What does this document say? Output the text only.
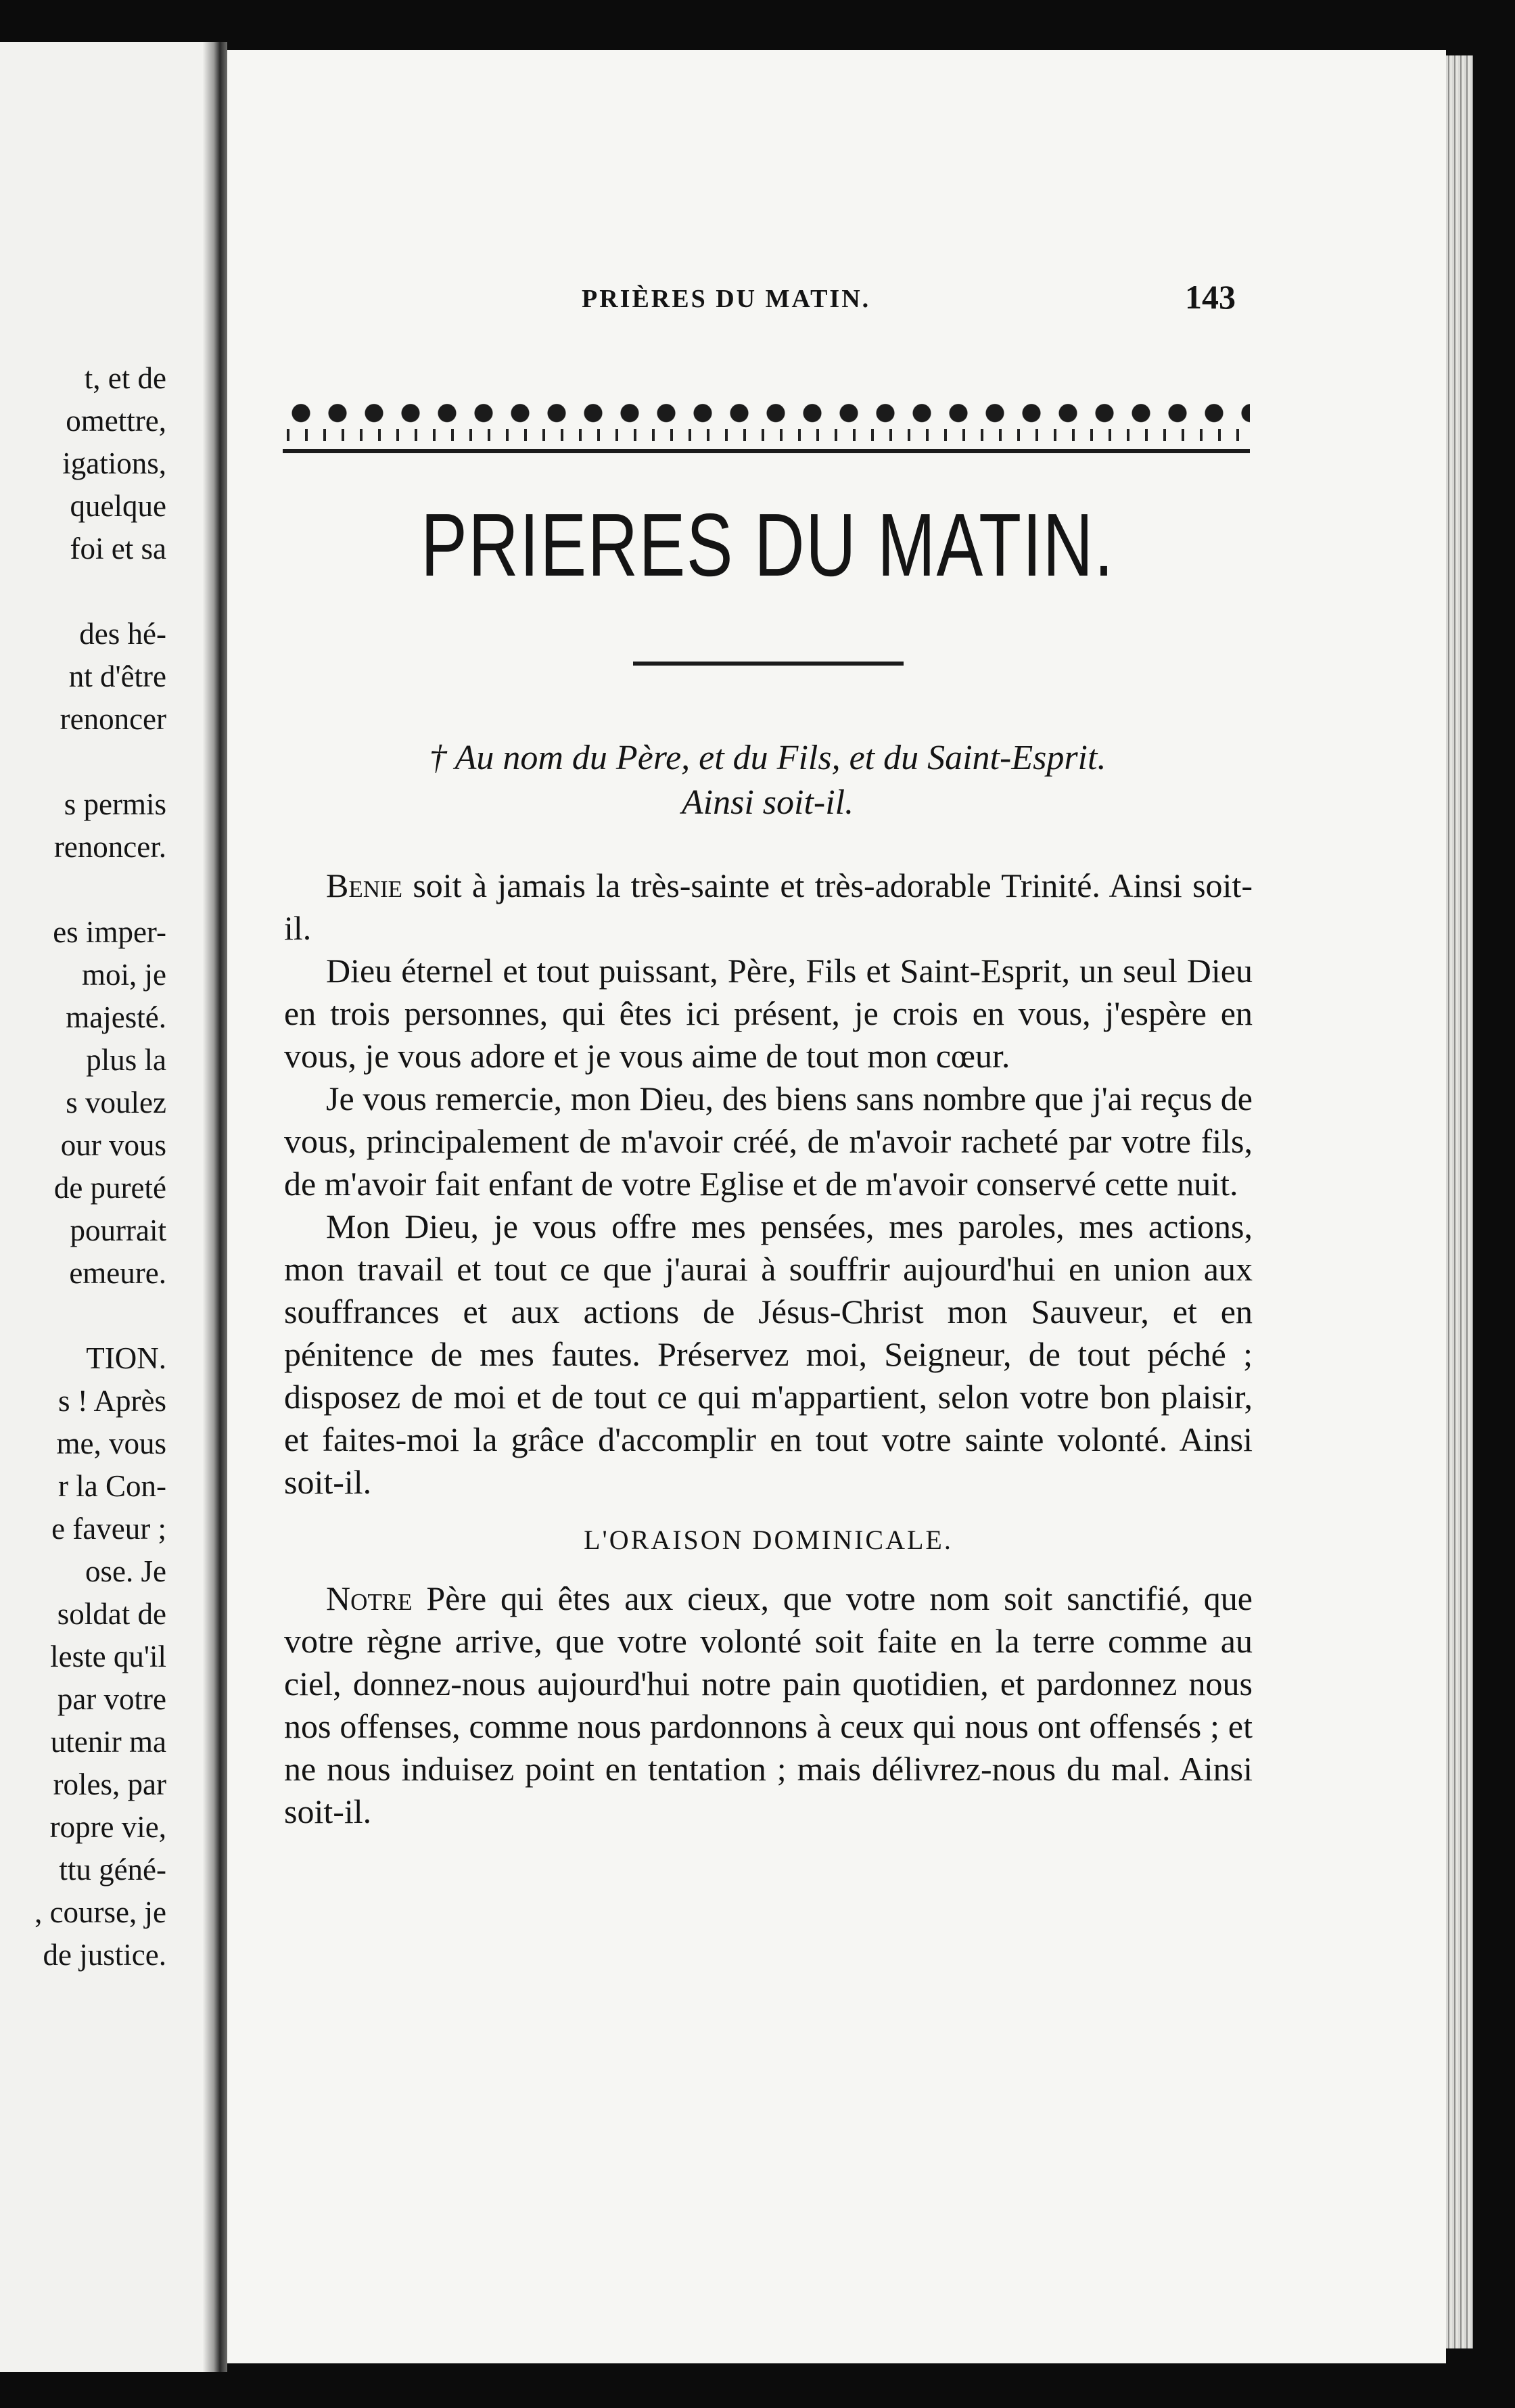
t, et de
omettre,
igations,
quelque
foi et sa
des hé-
nt d'être
renoncer
s permis
renoncer.
es imper-
moi, je
majesté.
plus la
s voulez
our vous
de pureté
pourrait
emeure.
TION.
s ! Après
me, vous
r la Con-
e faveur ;
ose. Je
soldat de
leste qu'il
par votre
utenir ma
roles, par
ropre vie,
ttu géné-
, course, je
de justice.
PRIÈRES DU MATIN.	143
PRIERES DU MATIN.
† Au nom du Père, et du Fils, et du Saint-Esprit.
Ainsi soit-il.

Benie soit à jamais la très-sainte et très-adorable Trinité. Ainsi soit-il.

Dieu éternel et tout puissant, Père, Fils et Saint-Esprit, un seul Dieu en trois personnes, qui êtes ici présent, je crois en vous, j'espère en vous, je vous adore et je vous aime de tout mon cœur.

Je vous remercie, mon Dieu, des biens sans nombre que j'ai reçus de vous, principalement de m'avoir créé, de m'avoir racheté par votre fils, de m'avoir fait enfant de votre Eglise et de m'avoir conservé cette nuit.

Mon Dieu, je vous offre mes pensées, mes paroles, mes actions, mon travail et tout ce que j'aurai à souffrir aujourd'hui en union aux souffrances et aux actions de Jésus-Christ mon Sauveur, et en pénitence de mes fautes. Préservez moi, Seigneur, de tout péché ; disposez de moi et de tout ce qui m'appartient, selon votre bon plaisir, et faites-moi la grâce d'accomplir en tout votre sainte volonté. Ainsi soit-il.

L'ORAISON DOMINICALE.

Notre Père qui êtes aux cieux, que votre nom soit sanctifié, que votre règne arrive, que votre volonté soit faite en la terre comme au ciel, donnez-nous aujourd'hui notre pain quotidien, et pardonnez nous nos offenses, comme nous pardonnons à ceux qui nous ont offensés ; et ne nous induisez point en tentation ; mais délivrez-nous du mal. Ainsi soit-il.
